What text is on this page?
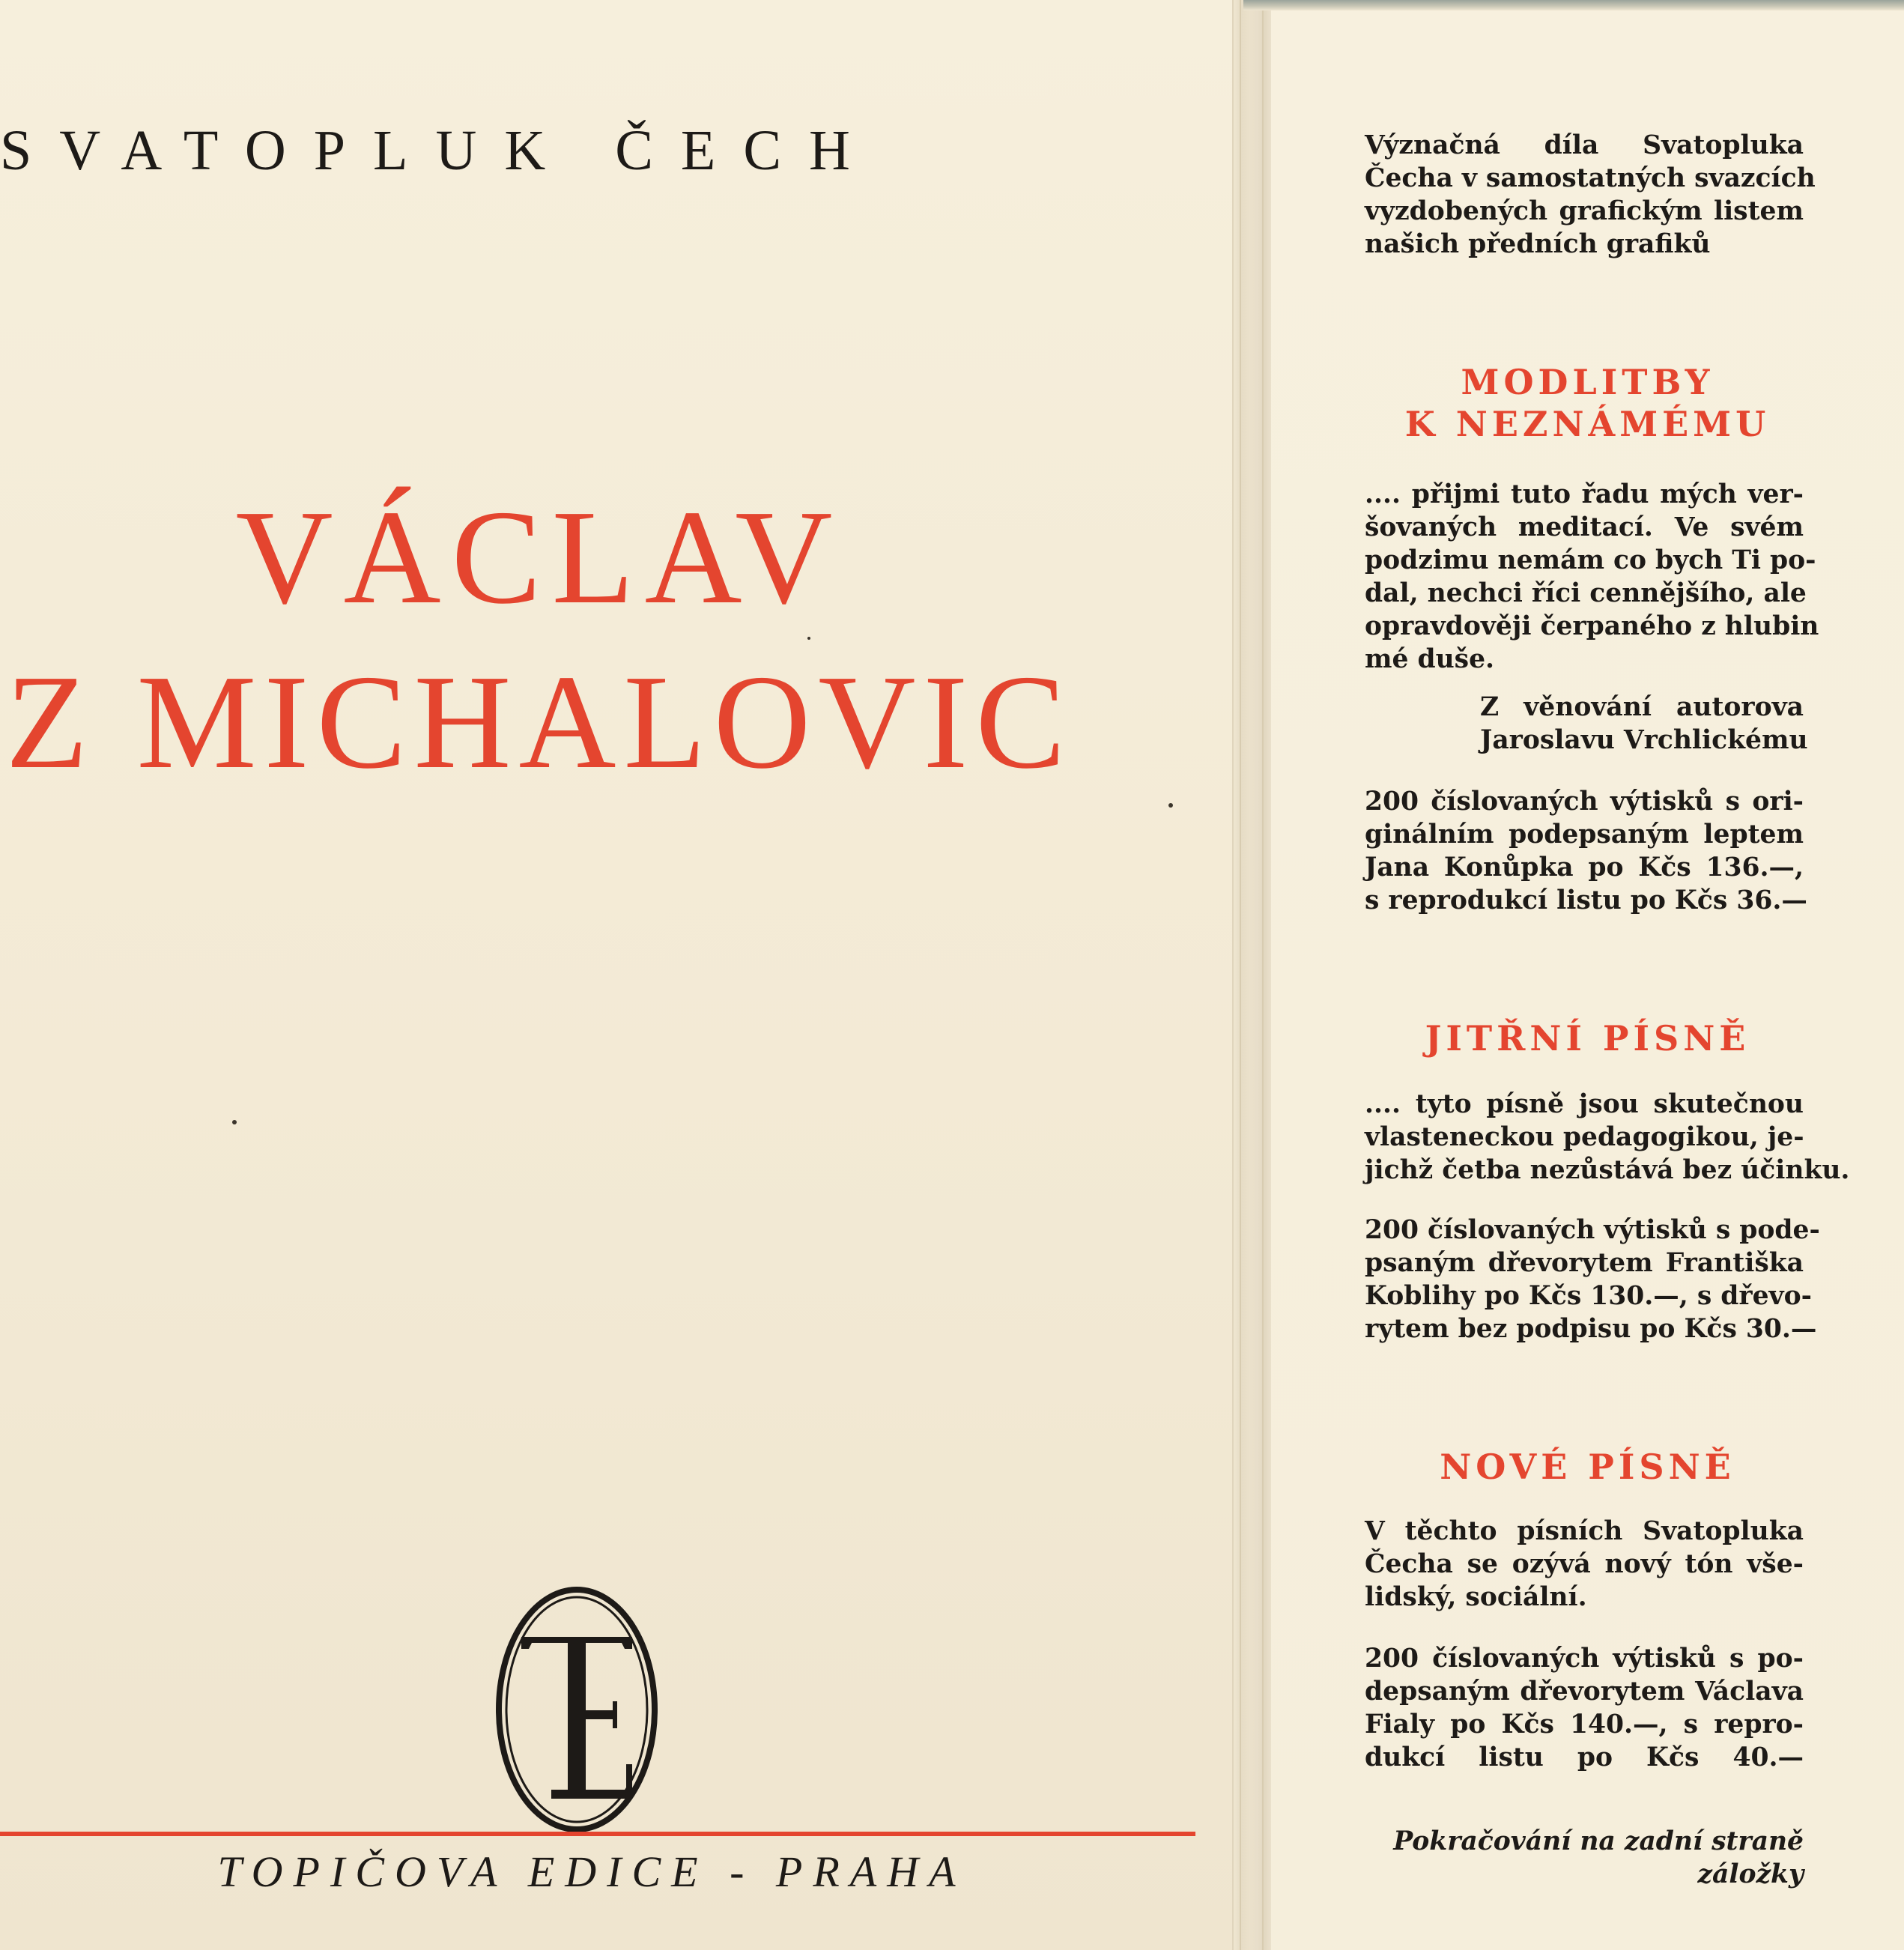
SVATOPLUK ČECH
VÁCLAV
Z MICHALOVIC
TOPIČOVA EDICE - PRAHA
Význačná díla Svatopluka
Čecha v samostatných svazcích
vyzdobených grafickým listem
našich předních grafiků
MODLITBY
K NEZNÁMÉMU
.... přijmi tuto řadu mých ver-
šovaných meditací. Ve svém
podzimu nemám co bych Ti po-
dal, nechci říci cennějšího, ale
opravdověji čerpaného z hlubin
mé duše.
Z věnování autorova
Jaroslavu Vrchlickému
200 číslovaných výtisků s ori-
ginálním podepsaným leptem
Jana Konůpka po Kčs 136.—,
s reprodukcí listu po Kčs 36.—
JITŘNÍ PÍSNĚ
.... tyto písně jsou skutečnou
vlasteneckou pedagogikou, je-
jichž četba nezůstává bez účinku.
200 číslovaných výtisků s pode-
psaným dřevorytem Františka
Koblihy po Kčs 130.—, s dřevo-
rytem bez podpisu po Kčs 30.—
NOVÉ PÍSNĚ
V těchto písních Svatopluka
Čecha se ozývá nový tón vše-
lidský, sociální.
200 číslovaných výtisků s po-
depsaným dřevorytem Václava
Fialy po Kčs 140.—, s repro-
dukcí listu po Kčs 40.—
Pokračování na zadní straně
záložky
